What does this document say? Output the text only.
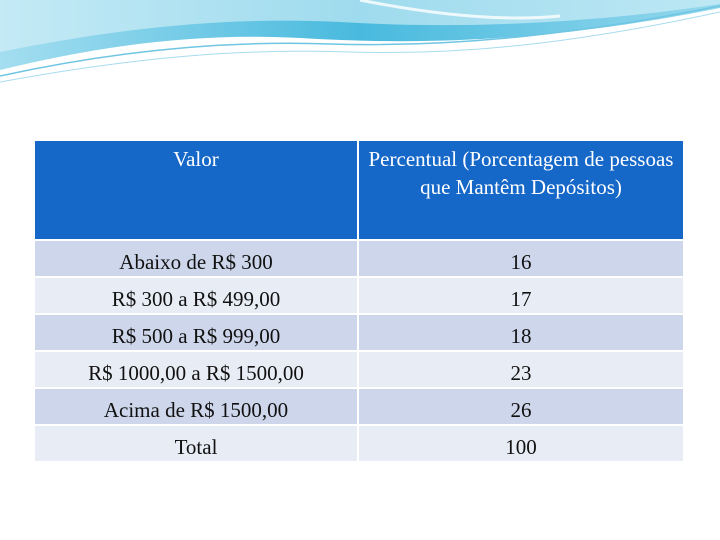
Valor	Percentual (Porcentagem de pessoas que Mantêm Depósitos)
Abaixo de R$ 300	16
R$ 300 a R$ 499,00	17
R$ 500 a R$ 999,00	18
R$ 1000,00 a R$ 1500,00	23
Acima de R$ 1500,00	26
Total	100
